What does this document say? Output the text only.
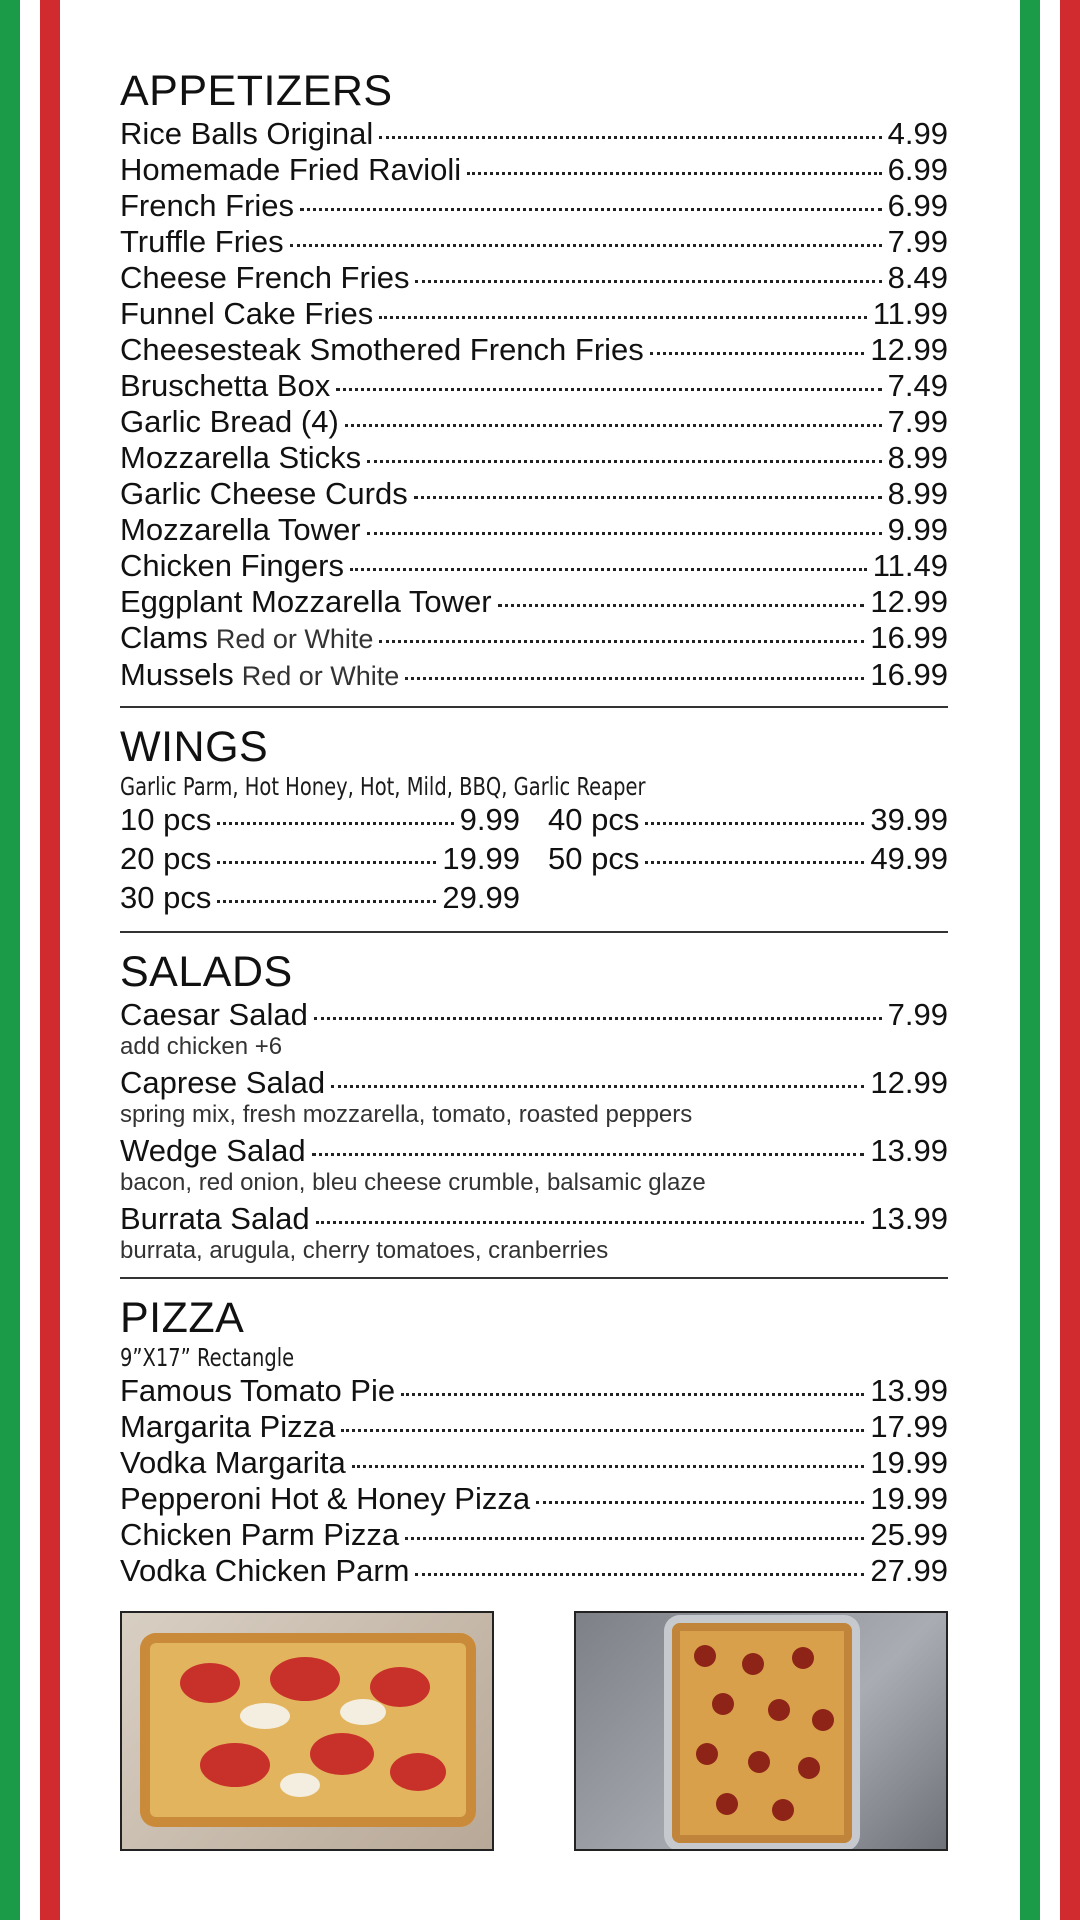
APPETIZERS
Rice Balls Original	4.99
Homemade Fried Ravioli	6.99
French Fries	6.99
Truffle Fries	7.99
Cheese French Fries	8.49
Funnel Cake Fries	11.99
Cheesesteak Smothered French Fries	12.99
Bruschetta Box	7.49
Garlic Bread (4)	7.99
Mozzarella Sticks	8.99
Garlic Cheese Curds	8.99
Mozzarella Tower	9.99
Chicken Fingers	11.49
Eggplant Mozzarella Tower	12.99
Clams Red or White	16.99
Mussels Red or White	16.99
WINGS
Garlic Parm, Hot Honey, Hot, Mild, BBQ, Garlic Reaper
10 pcs	9.99
20 pcs	19.99
30 pcs	29.99
40 pcs	39.99
50 pcs	49.99
SALADS
Caesar Salad	7.99
add chicken +6
Caprese Salad	12.99
spring mix, fresh mozzarella, tomato, roasted peppers
Wedge Salad	13.99
bacon, red onion, bleu cheese crumble, balsamic glaze
Burrata Salad	13.99
burrata, arugula, cherry tomatoes, cranberries
PIZZA
9”X17” Rectangle
Famous Tomato Pie	13.99
Margarita Pizza	17.99
Vodka Margarita	19.99
Pepperoni Hot & Honey Pizza	19.99
Chicken Parm Pizza	25.99
Vodka Chicken Parm	27.99
